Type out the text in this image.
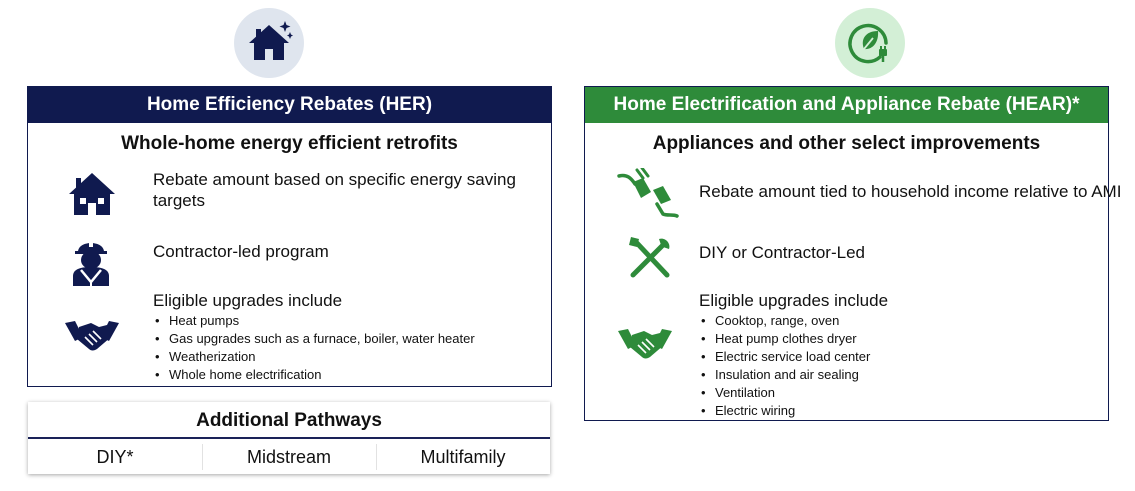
Home Efficiency Rebates (HER)
Whole-home energy efficient retrofits
Rebate amount based on specific energy saving targets
Contractor-led program
Eligible upgrades include
• Heat pumps
• Gas upgrades such as a furnace, boiler, water heater
• Weatherization
• Whole home electrification
Home Electrification and Appliance Rebate (HEAR)*
Appliances and other select improvements
Rebate amount tied to household income relative to AMI
DIY or Contractor-Led
Eligible upgrades include
• Cooktop, range, oven
• Heat pump clothes dryer
• Electric service load center
• Insulation and air sealing
• Ventilation
• Electric wiring
Additional Pathways
DIY*	Midstream	Multifamily
